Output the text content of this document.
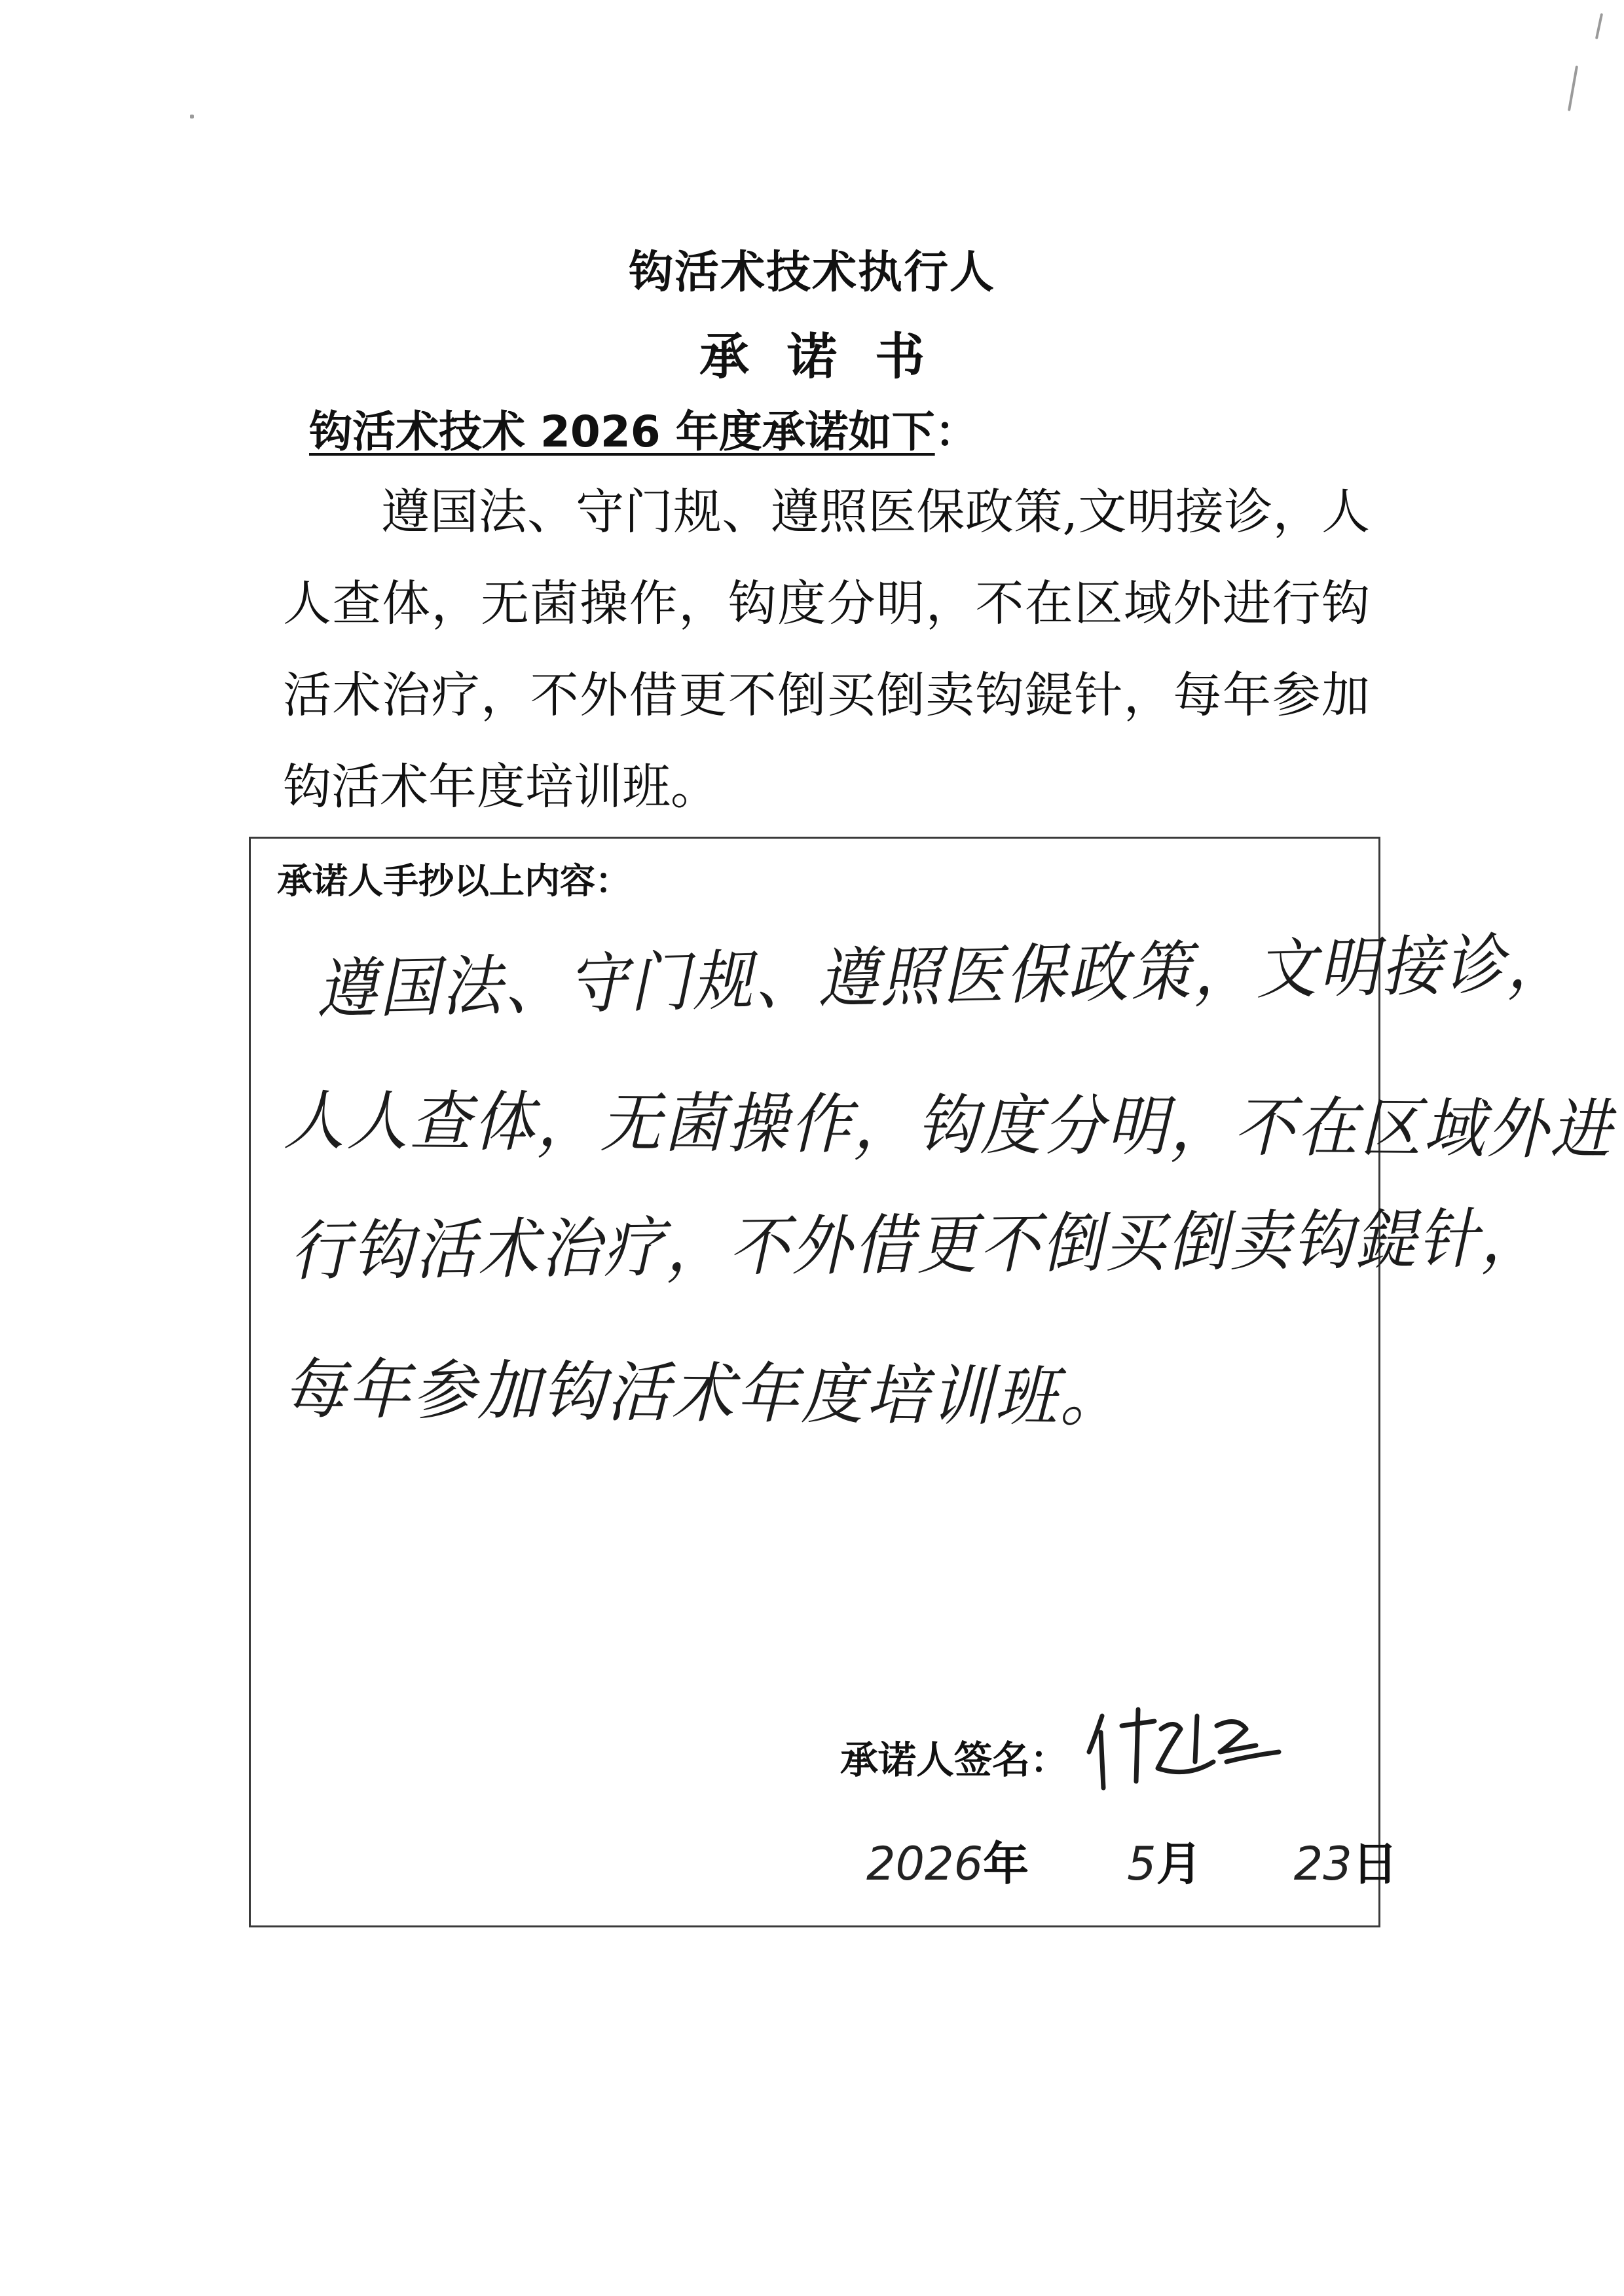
钩活术技术执行人
承诺书
钩活术技术 2026 年度承诺如下：

遵国法、守门规、遵照医保政策,文明接诊，人人查体，无菌操作，钩度分明，不在区域外进行钩活术治疗，不外借更不倒买倒卖钩鍉针，每年参加钩活术年度培训班。

承诺人手抄以上内容：
遵国法、守门规、遵照医保政策，文明接诊，
人人查体，无菌操作，钩度分明，不在区域外进
行钩活术治疗，不外借更不倒买倒卖钩鍉针，
每年参加钩活术年度培训班。
承诺人签名：
2026年 5月 23日
